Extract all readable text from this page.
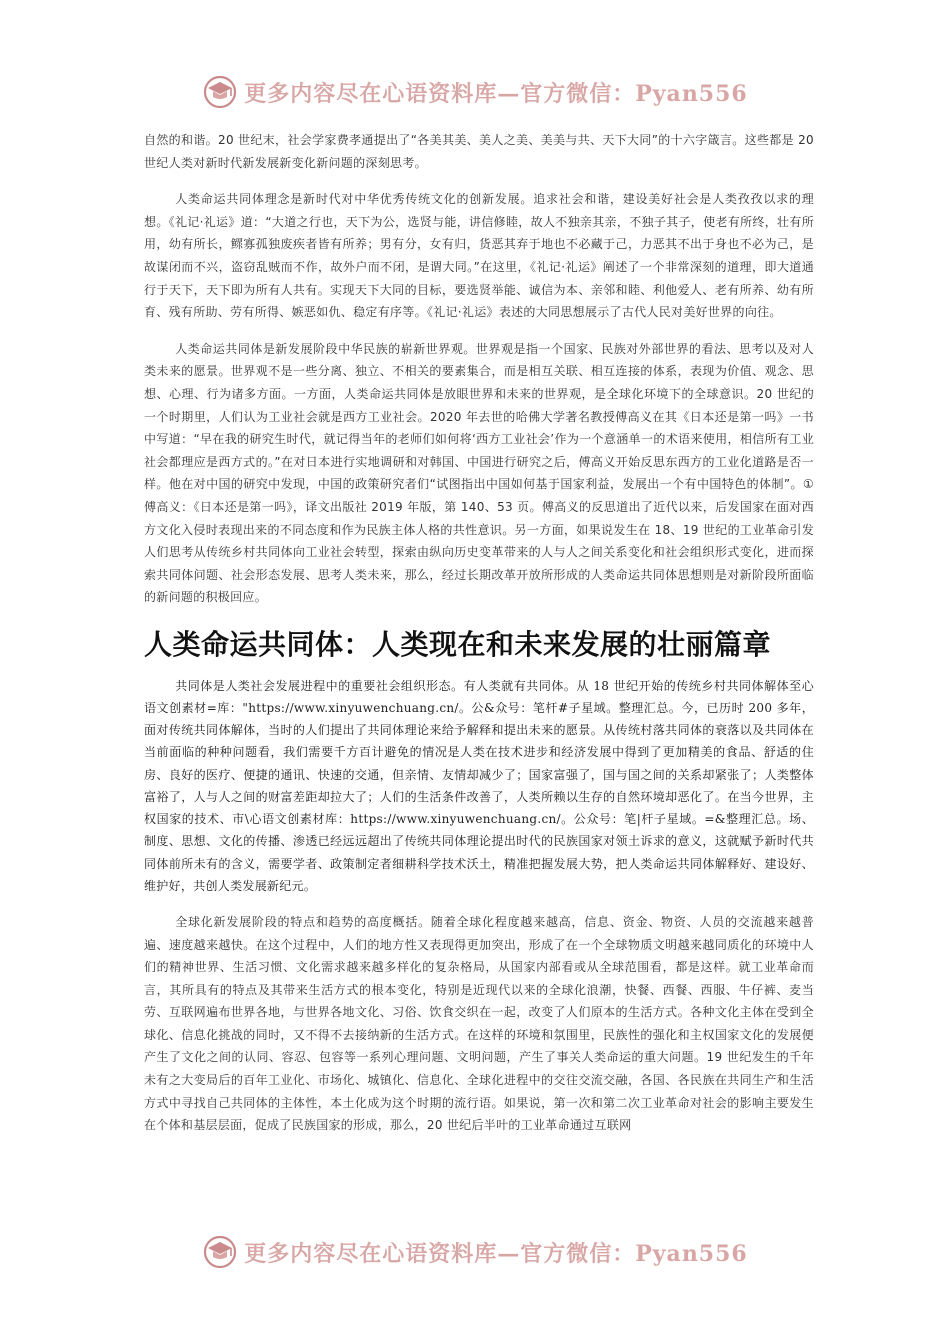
更多内容尽在心语资料库—官方微信：Pyan556

自然的和谐。20 世纪末，社会学家费孝通提出了“各美其美、美人之美、美美与共、天下大同”的十六字箴言。这些都是 20 世纪人类对新时代新发展新变化新问题的深刻思考。

人类命运共同体理念是新时代对中华优秀传统文化的创新发展。追求社会和谐，建设美好社会是人类孜孜以求的理想。《礼记·礼运》道：“大道之行也，天下为公，选贤与能，讲信修睦，故人不独亲其亲，不独子其子，使老有所终，壮有所用，幼有所长，鳏寡孤独废疾者皆有所养；男有分，女有归，货恶其弃于地也不必藏于己，力恶其不出于身也不必为己，是故谋闭而不兴，盗窃乱贼而不作，故外户而不闭，是谓大同。”在这里，《礼记·礼运》阐述了一个非常深刻的道理，即大道通行于天下，天下即为所有人共有。实现天下大同的目标，要选贤举能、诚信为本、亲邻和睦、利他爱人、老有所养、幼有所育、残有所助、劳有所得、嫉恶如仇、稳定有序等。《礼记·礼运》表述的大同思想展示了古代人民对美好世界的向往。

人类命运共同体是新发展阶段中华民族的崭新世界观。世界观是指一个国家、民族对外部世界的看法、思考以及对人类未来的愿景。世界观不是一些分离、独立、不相关的要素集合，而是相互关联、相互连接的体系，表现为价值、观念、思想、心理、行为诸多方面。一方面，人类命运共同体是放眼世界和未来的世界观，是全球化环境下的全球意识。20 世纪的一个时期里，人们认为工业社会就是西方工业社会。2020 年去世的哈佛大学著名教授傅高义在其《日本还是第一吗》一书中写道：“早在我的研究生时代，就记得当年的老师们如何将‘西方工业社会’作为一个意涵单一的术语来使用，相信所有工业社会都理应是西方式的。”在对日本进行实地调研和对韩国、中国进行研究之后，傅高义开始反思东西方的工业化道路是否一样。他在对中国的研究中发现，中国的政策研究者们“试图指出中国如何基于国家利益，发展出一个有中国特色的体制”。①傅高义：《日本还是第一吗》，译文出版社 2019 年版，第 140、53 页。傅高义的反思道出了近代以来，后发国家在面对西方文化入侵时表现出来的不同态度和作为民族主体人格的共性意识。另一方面，如果说发生在 18、19 世纪的工业革命引发人们思考从传统乡村共同体向工业社会转型，探索由纵向历史变革带来的人与人之间关系变化和社会组织形式变化，进而探索共同体问题、社会形态发展、思考人类未来，那么，经过长期改革开放所形成的人类命运共同体思想则是对新阶段所面临的新问题的积极回应。

人类命运共同体：人类现在和未来发展的壮丽篇章

共同体是人类社会发展进程中的重要社会组织形态。有人类就有共同体。从 18 世纪开始的传统乡村共同体解体至心语文创素材=库："https://www.xinyuwenchuang.cn/。公&众号：笔杆#子星域。整理汇总。今，已历时 200 多年，面对传统共同体解体，当时的人们提出了共同体理论来给予解释和提出未来的愿景。从传统村落共同体的衰落以及共同体在当前面临的种种问题看，我们需要千方百计避免的情况是人类在技术进步和经济发展中得到了更加精美的食品、舒适的住房、良好的医疗、便捷的通讯、快速的交通，但亲情、友情却减少了；国家富强了，国与国之间的关系却紧张了；人类整体富裕了，人与人之间的财富差距却拉大了；人们的生活条件改善了，人类所赖以生存的自然环境却恶化了。在当今世界，主权国家的技术、市\心语文创素材库：https://www.xinyuwenchuang.cn/。公众号：笔|杆子星域。=&整理汇总。场、制度、思想、文化的传播、渗透已经远远超出了传统共同体理论提出时代的民族国家对领土诉求的意义，这就赋予新时代共同体前所未有的含义，需要学者、政策制定者细耕科学技术沃土，精准把握发展大势，把人类命运共同体解释好、建设好、维护好，共创人类发展新纪元。

全球化新发展阶段的特点和趋势的高度概括。随着全球化程度越来越高，信息、资金、物资、人员的交流越来越普遍、速度越来越快。在这个过程中，人们的地方性又表现得更加突出，形成了在一个全球物质文明越来越同质化的环境中人们的精神世界、生活习惯、文化需求越来越多样化的复杂格局，从国家内部看或从全球范围看，都是这样。就工业革命而言，其所具有的特点及其带来生活方式的根本变化，特别是近现代以来的全球化浪潮，快餐、西餐、西服、牛仔裤、麦当劳、互联网遍布世界各地，与世界各地文化、习俗、饮食交织在一起，改变了人们原本的生活方式。各种文化主体在受到全球化、信息化挑战的同时，又不得不去接纳新的生活方式。在这样的环境和氛围里，民族性的强化和主权国家文化的发展便产生了文化之间的认同、容忍、包容等一系列心理问题、文明问题，产生了事关人类命运的重大问题。19 世纪发生的千年未有之大变局后的百年工业化、市场化、城镇化、信息化、全球化进程中的交往交流交融，各国、各民族在共同生产和生活方式中寻找自己共同体的主体性，本土化成为这个时期的流行语。如果说，第一次和第二次工业革命对社会的影响主要发生在个体和基层层面，促成了民族国家的形成，那么，20 世纪后半叶的工业革命通过互联网

更多内容尽在心语资料库—官方微信：Pyan556
